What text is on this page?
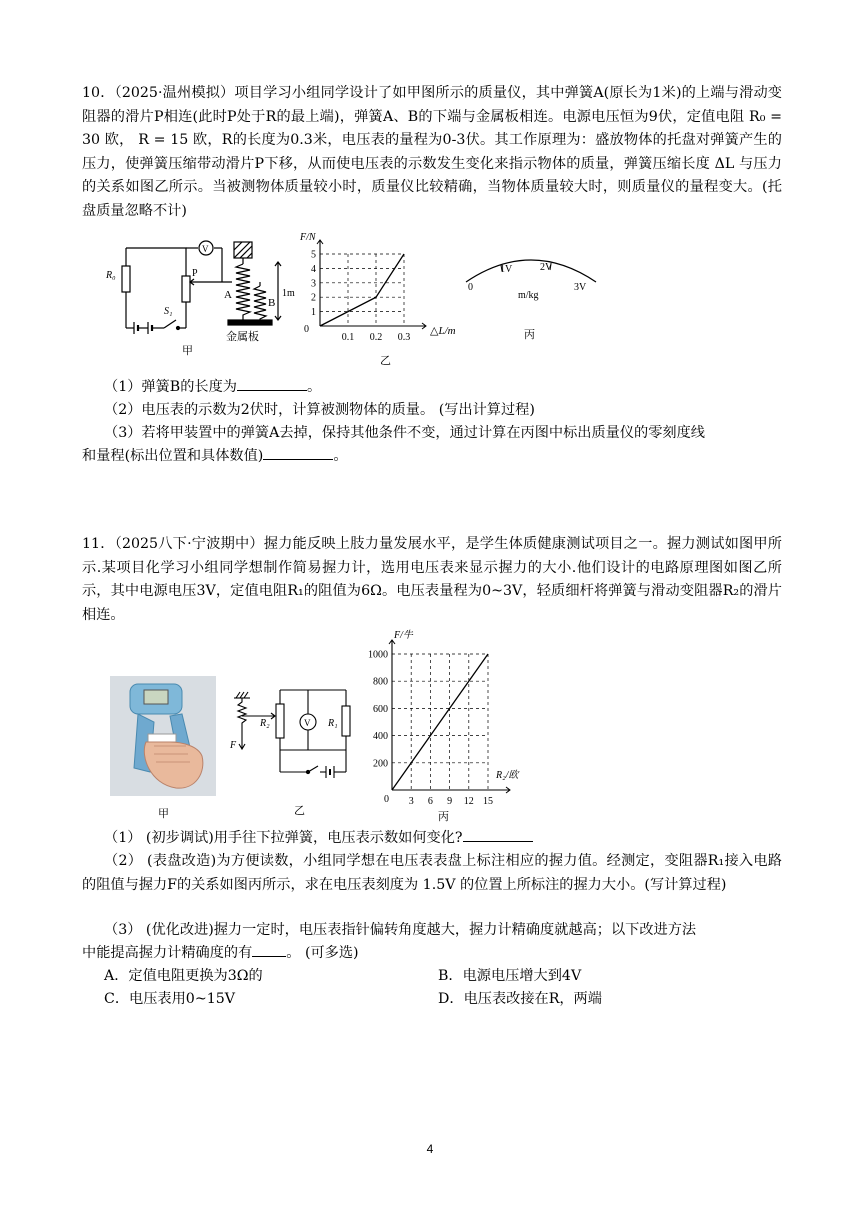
10．（2025·温州模拟）项目学习小组同学设计了如甲图所示的质量仪，其中弹簧A(原长为1米)的上端与滑动变阻器的滑片P相连(此时P处于R的最上端)，弹簧A、B的下端与金属板相连。电源电压恒为9伏，定值电阻 R₀ = 30 欧， R = 15 欧，R的长度为0.3米，电压表的量程为0-3伏。其工作原理为：盛放物体的托盘对弹簧产生的压力，使弹簧压缩带动滑片P下移，从而使电压表的示数发生变化来指示物体的质量，弹簧压缩长度 ΔL 与压力的关系如图乙所示。当被测物体质量较小时，质量仪比较精确，当物体质量较大时，则质量仪的量程变大。(托盘质量忽略不计)

R₀	P
V
S₁
A
B
1m
金属板
甲
F/N
△L/m
0
乙
1
2
3
4
5
0.1 0.2 0.3
0
1V	2V
3V
m/kg
丙
（1）弹簧B的长度为	。
（2）电压表的示数为2伏时，计算被测物体的质量。 (写出计算过程)
（3）若将甲装置中的弹簧A去掉，保持其他条件不变，通过计算在丙图中标出质量仪的零刻度线
和量程(标出位置和具体数值)	。

11．（2025八下·宁波期中）握力能反映上肢力量发展水平，是学生体质健康测试项目之一。握力测试如图甲所示.某项目化学习小组同学想制作简易握力计，选用电压表来显示握力的大小.他们设计的电路原理图如图乙所示，其中电源电压3V，定值电阻R₁的阻值为6Ω。电压表量程为0~3V，轻质细杆将弹簧与滑动变阻器R₂的滑片相连。

甲
R₂	V R₁
F
乙
F/牛
R₂/欧
0
丙
200
400
600
800
1000
3 6 9 12 15
（1） (初步调试)用手往下拉弹簧，电压表示数如何变化?

（2） (表盘改造)为方便读数，小组同学想在电压表表盘上标注相应的握力值。经测定，变阻器R₁接入电路的阻值与握力F的关系如图丙所示，求在电压表刻度为 1.5V 的位置上所标注的握力大小。(写计算过程)

（3） (优化改进)握力一定时，电压表指针偏转角度越大，握力计精确度就越高；以下改进方法
中能提高握力计精确度的有 。 (可多选)
A．定值电阻更换为3Ω的	B．电源电压增大到4V
C．电压表用0~15V	D．电压表改接在R，两端
4
